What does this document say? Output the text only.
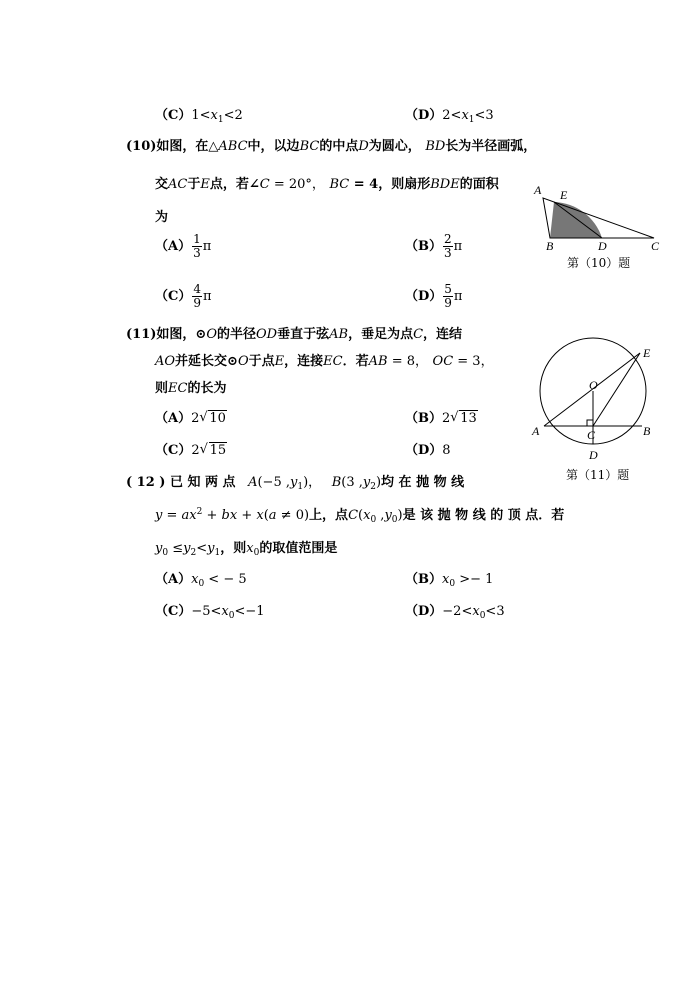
$(C)1<x_1<2$	$(D)2<x_1<3$
(10)如图，在△ABC中，以边BC的中点D为圆心， BD长为半径画弧，
交AC于E点，若∠C = 20°， BC = 4，则扇形BDE的面积
为
$(A) \frac{1}{3}$ π	$(B) \frac{2}{3}$ π
$(C) \frac{4}{9}$ π	$(D) \frac{5}{9}$ π
A E
B	D	C
第（10）题
(11)如图，⊙O的半径OD垂直于弦AB，垂足为点C，连结
AO并延长交⊙O于点E，连接EC．若AB = 8， OC = 3，
则EC的长为
（A）2 √ 10	（B）2 √ 13
（C）2 √ 15	（D）8
E
O
A	C	B
D
第（11）题
( 12 ) 已 知 两 点 A(−5 $,y_1$)， B(3 $,y_2$)均 在 抛 物 线
$y = ax^2$ + bx + x(a ≠ 0)上，点$C(x_0$ $,y_0$)是 该 抛 物 线 的 顶 点．若
$y_0 \le y_2<y_1$，则$x_0$的取值范围是
$(A)x_0$ < − 5	$(B)x_0 >- 1$
$(C)-5<x_0<-1$	$(D)-2<x_0<3$
